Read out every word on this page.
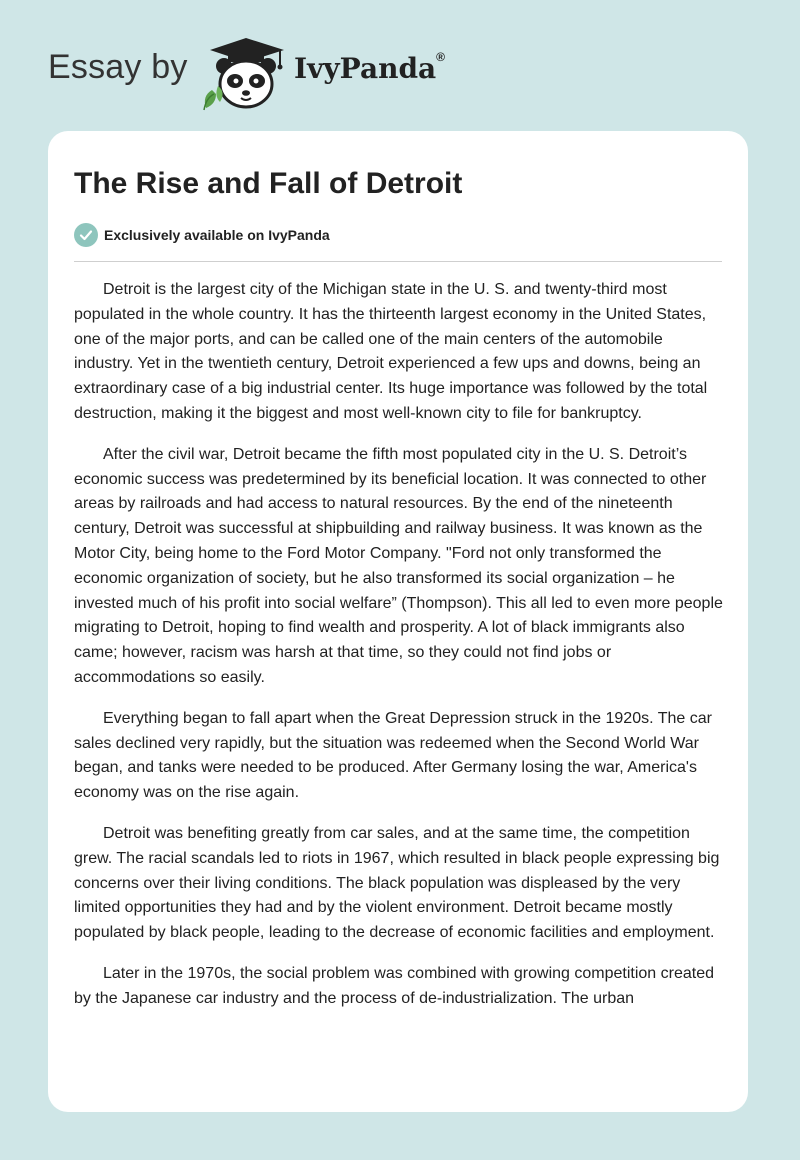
Essay by	IvyPanda®
The Rise and Fall of Detroit
Exclusively available on IvyPanda

Detroit is the largest city of the Michigan state in the U. S. and twenty-third most populated in the whole country. It has the thirteenth largest economy in the United States, one of the major ports, and can be called one of the main centers of the automobile industry. Yet in the twentieth century, Detroit experienced a few ups and downs, being an extraordinary case of a big industrial center. Its huge importance was followed by the total destruction, making it the biggest and most well-known city to file for bankruptcy.

After the civil war, Detroit became the fifth most populated city in the U. S. Detroit’s economic success was predetermined by its beneficial location. It was connected to other areas by railroads and had access to natural resources. By the end of the nineteenth century, Detroit was successful at shipbuilding and railway business. It was known as the Motor City, being home to the Ford Motor Company. "Ford not only transformed the economic organization of society, but he also transformed its social organization – he invested much of his profit into social welfare” (Thompson). This all led to even more people migrating to Detroit, hoping to find wealth and prosperity. A lot of black immigrants also came; however, racism was harsh at that time, so they could not find jobs or accommodations so easily.

Everything began to fall apart when the Great Depression struck in the 1920s. The car sales declined very rapidly, but the situation was redeemed when the Second World War began, and tanks were needed to be produced. After Germany losing the war, America's economy was on the rise again.

Detroit was benefiting greatly from car sales, and at the same time, the competition grew. The racial scandals led to riots in 1967, which resulted in black people expressing big concerns over their living conditions. The black population was displeased by the very limited opportunities they had and by the violent environment. Detroit became mostly populated by black people, leading to the decrease of economic facilities and employment.

Later in the 1970s, the social problem was combined with growing competition created by the Japanese car industry and the process of de-industrialization. The urban
